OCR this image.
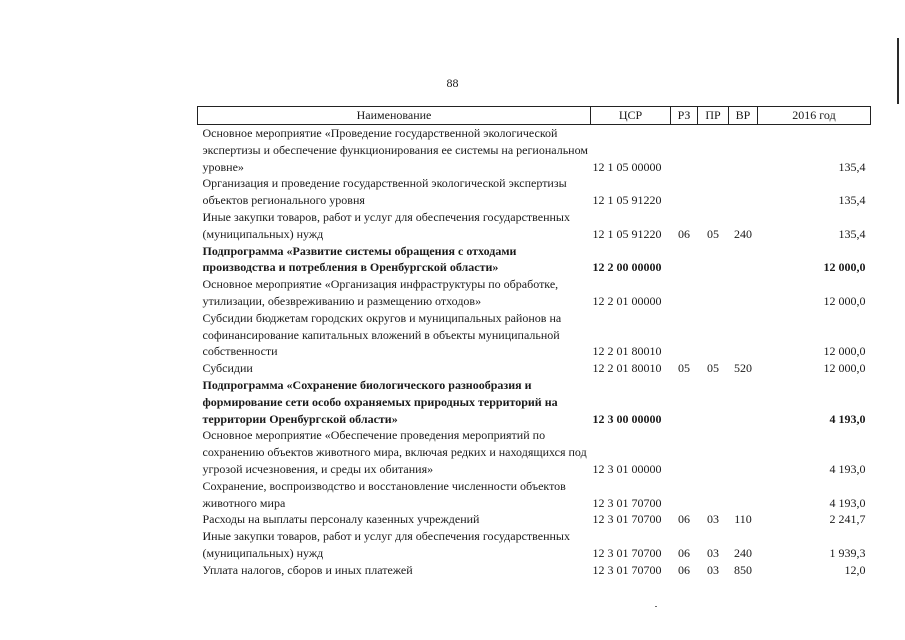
88
Наименование	ЦСР	РЗ	ПР	ВР	2016 год
Основное мероприятие «Проведение государственной экологической экспертизы и обеспечение функционирования ее системы на региональном уровне»	12 1 05 00000				135,4
Организация и проведение государственной экологической экспертизы объектов регионального уровня	12 1 05 91220				135,4
Иные закупки товаров, работ и услуг для обеспечения государственных (муниципальных) нужд	12 1 05 91220	06	05	240	135,4
Подпрограмма «Развитие системы обращения с отходами производства и потребления в Оренбургской области»	12 2 00 00000				12 000,0
Основное мероприятие «Организация инфраструктуры по обработке, утилизации, обезвреживанию и размещению отходов»	12 2 01 00000				12 000,0
Субсидии бюджетам городских округов и муниципальных районов на софинансирование капитальных вложений в объекты муниципальной собственности	12 2 01 80010				12 000,0
Субсидии	12 2 01 80010	05	05	520	12 000,0
Подпрограмма «Сохранение биологического разнообразия и формирование сети особо охраняемых природных территорий на территории Оренбургской области»	12 3 00 00000				4 193,0
Основное мероприятие «Обеспечение проведения мероприятий по сохранению объектов животного мира, включая редких и находящихся под угрозой исчезновения, и среды их обитания»	12 3 01 00000				4 193,0
Сохранение, воспроизводство и восстановление численности объектов животного мира	12 3 01 70700				4 193,0
Расходы на выплаты персоналу казенных учреждений	12 3 01 70700	06	03	110	2 241,7
Иные закупки товаров, работ и услуг для обеспечения государственных (муниципальных) нужд	12 3 01 70700	06	03	240	1 939,3
Уплата налогов, сборов и иных платежей	12 3 01 70700	06	03	850	12,0
